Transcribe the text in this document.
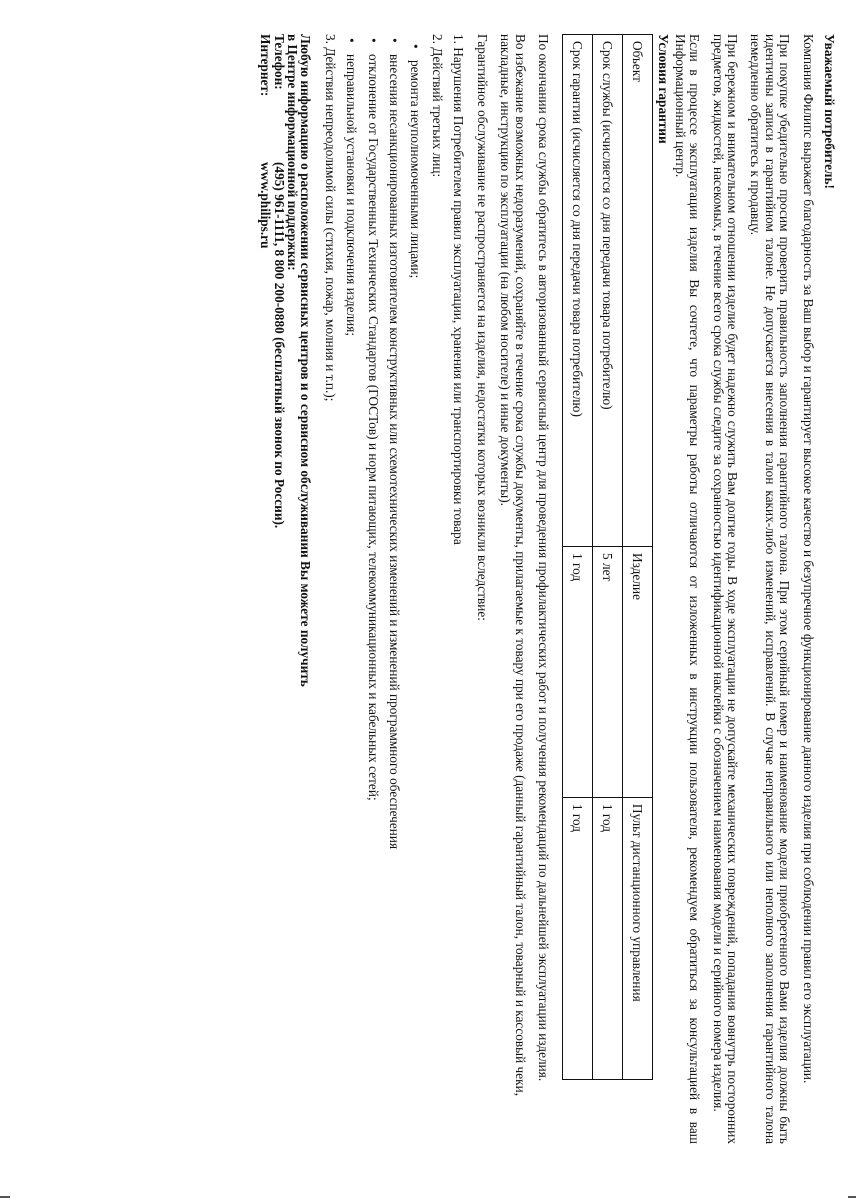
Уважаемый потребитель!

Компания Филипс выражает благодарность за Ваш выбор и гарантирует высокое качество и безупречное функционирование данного изделия при соблюдении правил его эксплуатации.

При покупке убедительно просим проверить правильность заполнения гарантийного талона. При этом серийный номер и наименование модели приобретенного Вами изделия должны быть идентичны записи в гарантийном талоне. Не допускается внесения в талон каких-либо изменений, исправлений. В случае неправильного или неполного заполнения гарантийного талона немедленно обратитесь к продавцу.

При бережном и внимательном отношении изделие будет надежно служить Вам долгие годы. В ходе эксплуатации не допускайте механических повреждений, попадания вовнутрь посторонних предметов, жидкостей, насекомых, в течение всего срока службы следите за сохранностью идентификационной наклейки с обозначением наименования модели и серийного номера изделия.

Если в процессе эксплуатации изделия Вы сочтете, что параметры работы отличаются от изложенных в инструкции пользователя, рекомендуем обратиться за консультацией в ваш Информационный центр.

Условия гарантии

Объект	Изделие	Пульт дистанционного управления
Срок службы (исчисляется со дня передачи товара потребителю)	5 лет	1 год
Срок гарантии (исчисляется со дня передачи товара потребителю)	1 год	1 год

По окончании срока службы обратитесь в авторизованный сервисный центр для проведения профилактических работ и получения рекомендаций по дальнейшей эксплуатации изделия.

Во избежание возможных недоразумений, сохраняйте в течение срока службы документы, прилагаемые к товару при его продаже (данный гарантийный талон, товарный и кассовый чеки, накладные, инструкцию по эксплуатации (на любом носителе) и иные документы).

Гарантийное обслуживание не распространяется на изделия, недостатки которых возникли вследствие:

1. Нарушения Потребителем правил эксплуатации, хранения или транспортировки товара

2. Действий третьих лиц:

• ремонта неуполномоченными лицами;
• внесения несанкционированных изготовителем конструктивных или схемотехнических изменений и изменений программного обеспечения
• отклонение от Государственных Технических Стандартов (ГОСТов) и норм питающих, телекоммуникационных и кабельных сетей;
• неправильной установки и подключения изделия;

3. Действия непреодолимой силы (стихия, пожар, молния и т.п.);

Любую информацию о расположении сервисных центров и о сервисном обслуживании Вы можете получить

в Центре информационной поддержки:

Телефон:(495) 961-1111, 8 800 200-0880 (бесплатный звонок по России).

Интернет:www.philips.ru
